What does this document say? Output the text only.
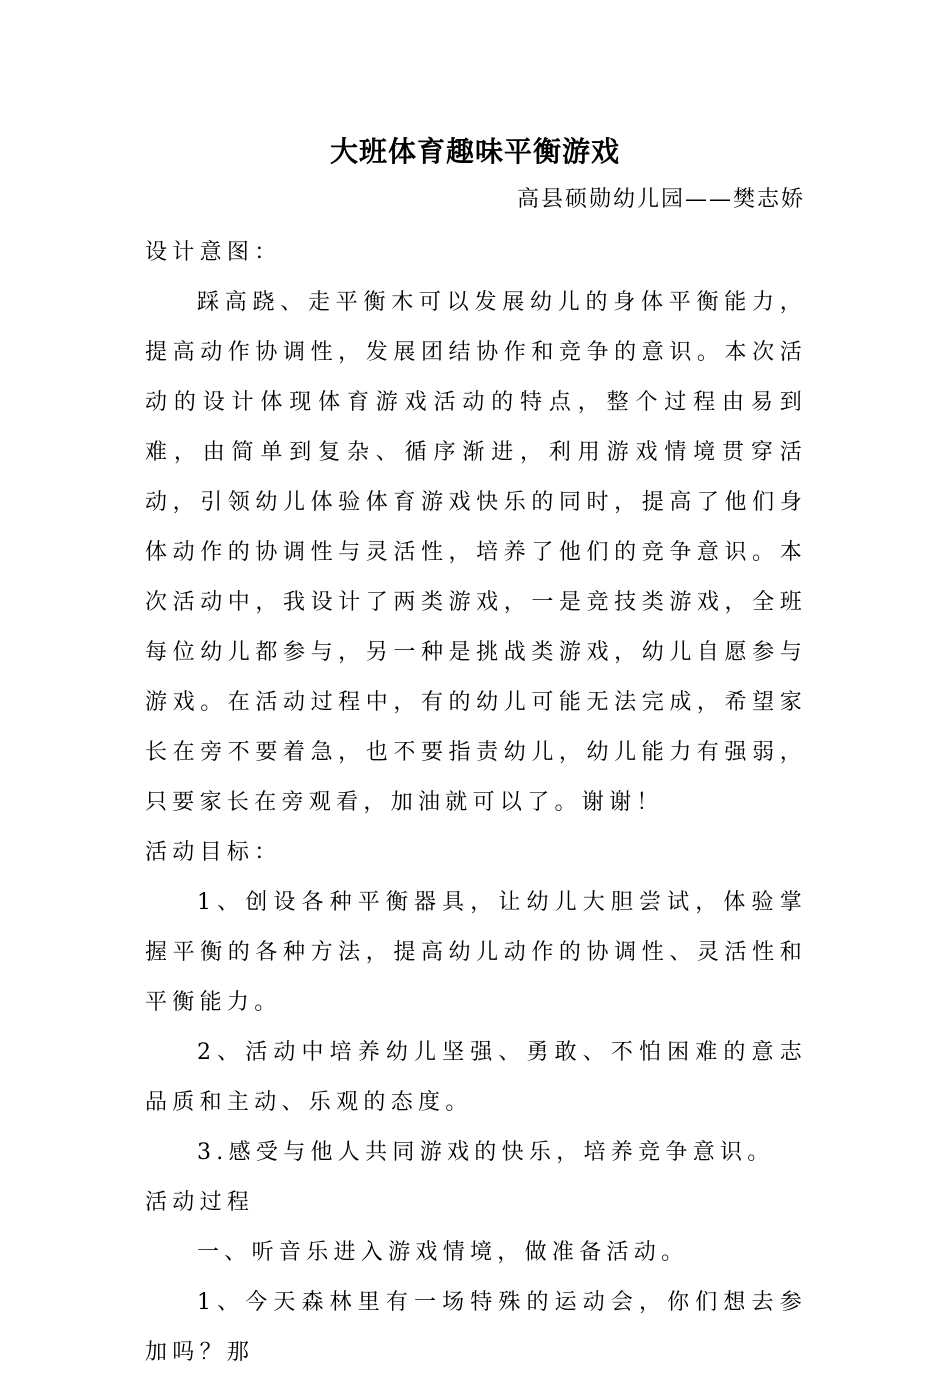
大班体育趣味平衡游戏

高县硕勋幼儿园——樊志娇

设计意图：

踩高跷、走平衡木可以发展幼儿的身体平衡能力，提高动作协调性，发展团结协作和竞争的意识。本次活动的设计体现体育游戏活动的特点，整个过程由易到难，由简单到复杂、循序渐进，利用游戏情境贯穿活动，引领幼儿体验体育游戏快乐的同时，提高了他们身体动作的协调性与灵活性，培养了他们的竞争意识。本次活动中，我设计了两类游戏，一是竞技类游戏，全班每位幼儿都参与，另一种是挑战类游戏，幼儿自愿参与游戏。在活动过程中，有的幼儿可能无法完成，希望家长在旁不要着急，也不要指责幼儿，幼儿能力有强弱，只要家长在旁观看，加油就可以了。谢谢！

活动目标：

1、创设各种平衡器具，让幼儿大胆尝试，体验掌握平衡的各种方法，提高幼儿动作的协调性、灵活性和平衡能力。

2、活动中培养幼儿坚强、勇敢、不怕困难的意志品质和主动、乐观的态度。

3.感受与他人共同游戏的快乐，培养竞争意识。

活动过程

一、听音乐进入游戏情境，做准备活动。

1、今天森林里有一场特殊的运动会，你们想去参加吗？那
